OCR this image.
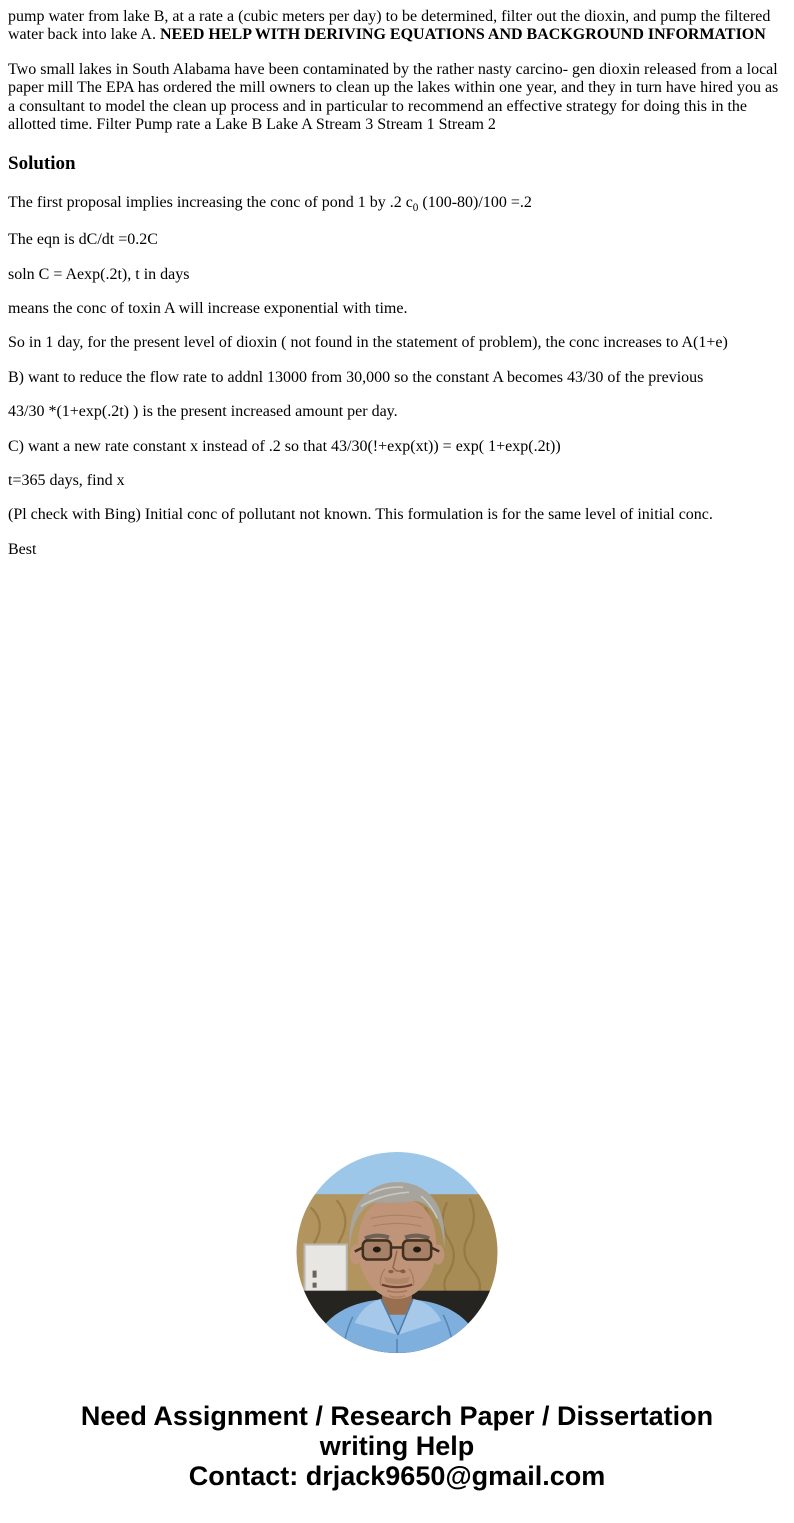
pump water from lake B, at a rate a (cubic meters per day) to be determined, filter out the dioxin, and pump the filtered water back into lake A. NEED HELP WITH DERIVING EQUATIONS AND BACKGROUND INFORMATION

Two small lakes in South Alabama have been contaminated by the rather nasty carcino- gen dioxin released from a local paper mill The EPA has ordered the mill owners to clean up the lakes within one year, and they in turn have hired you as a consultant to model the clean up process and in particular to recommend an effective strategy for doing this in the allotted time. Filter Pump rate a Lake B Lake A Stream 3 Stream 1 Stream 2

Solution

The first proposal implies increasing the conc of pond 1 by .2 $c_0$ (100-80)/100 =.2

The eqn is dC/dt =0.2C

soln C = Aexp(.2t), t in days

means the conc of toxin A will increase exponential with time.

So in 1 day, for the present level of dioxin ( not found in the statement of problem), the conc increases to A(1+e)

B) want to reduce the flow rate to addnl 13000 from 30,000 so the constant A becomes 43/30 of the previous

43/30 *(1+exp(.2t) ) is the present increased amount per day.

C) want a new rate constant x instead of .2 so that 43/30(!+exp(xt)) = exp( 1+exp(.2t))

t=365 days, find x

(Pl check with Bing) Initial conc of pollutant not known. This formulation is for the same level of initial conc.

Best

Need Assignment / Research Paper / Dissertation
writing Help
Contact: drjack9650@gmail.com
